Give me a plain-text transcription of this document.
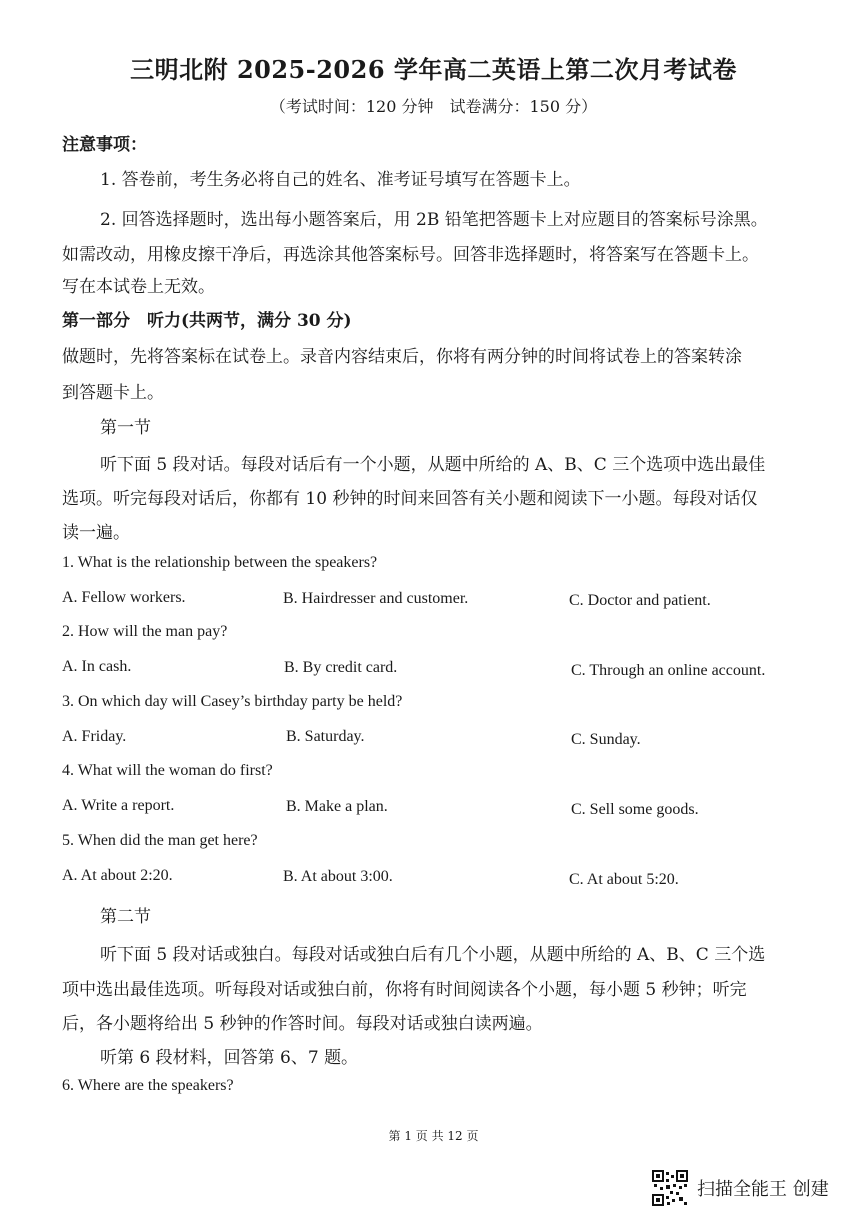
三明北附 2025-2026 学年高二英语上第二次月考试卷
（考试时间：120 分钟　试卷满分：150 分）
注意事项：
1. 答卷前，考生务必将自己的姓名、准考证号填写在答题卡上。
2. 回答选择题时，选出每小题答案后，用 2B 铅笔把答题卡上对应题目的答案标号涂黑。
如需改动，用橡皮擦干净后，再选涂其他答案标号。回答非选择题时，将答案写在答题卡上。
写在本试卷上无效。
第一部分　听力(共两节，满分 30 分)
做题时，先将答案标在试卷上。录音内容结束后，你将有两分钟的时间将试卷上的答案转涂
到答题卡上。
第一节
听下面 5 段对话。每段对话后有一个小题，从题中所给的 A、B、C 三个选项中选出最佳
选项。听完每段对话后，你都有 10 秒钟的时间来回答有关小题和阅读下一小题。每段对话仅
读一遍。
1. What is the relationship between the speakers?
A. Fellow workers.	B. Hairdresser and customer.	C. Doctor and patient.
2. How will the man pay?
A. In cash.	B. By credit card.	C. Through an online account.
3. On which day will Casey’s birthday party be held?
A. Friday.	B. Saturday.	C. Sunday.
4. What will the woman do first?
A. Write a report.	B. Make a plan.	C. Sell some goods.
5. When did the man get here?
A. At about 2:20.	B. At about 3:00.	C. At about 5:20.
第二节
听下面 5 段对话或独白。每段对话或独白后有几个小题，从题中所给的 A、B、C 三个选
项中选出最佳选项。听每段对话或独白前，你将有时间阅读各个小题，每小题 5 秒钟；听完
后，各小题将给出 5 秒钟的作答时间。每段对话或独白读两遍。
听第 6 段材料，回答第 6、7 题。
6. Where are the speakers?
第 1 页 共 12 页
扫描全能王 创建
